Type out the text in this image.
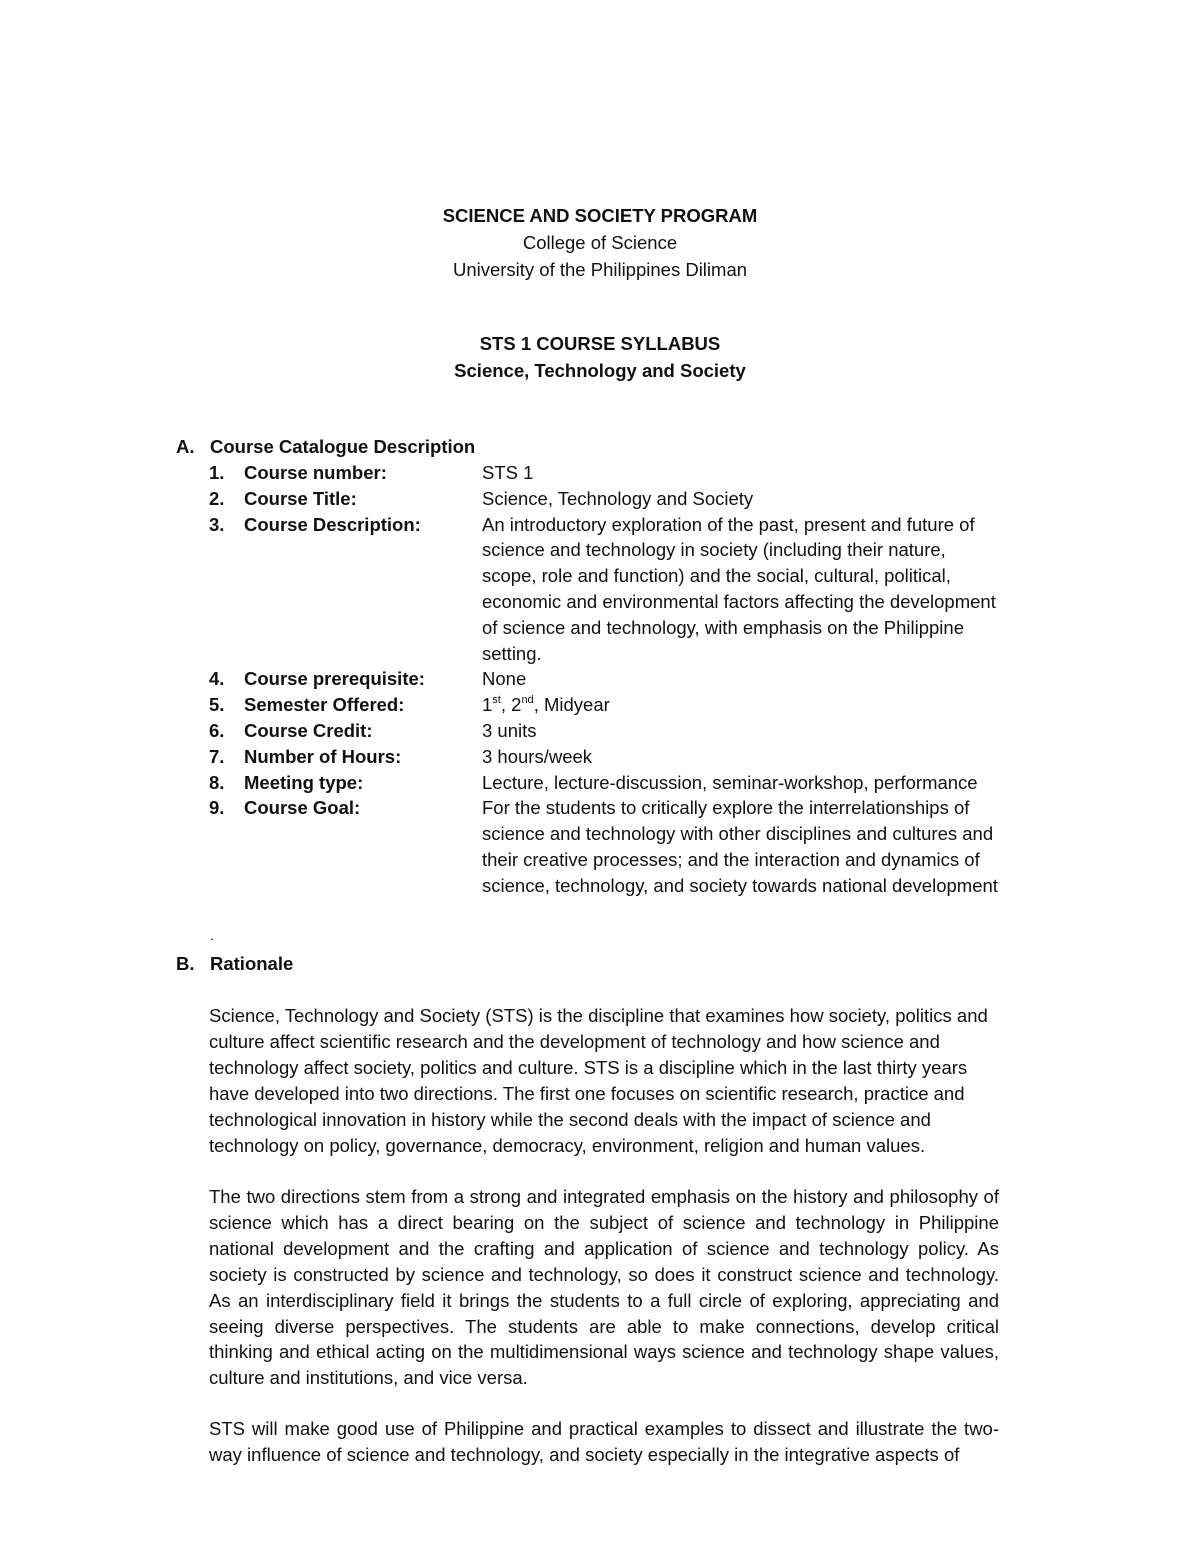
SCIENCE AND SOCIETY PROGRAM
College of Science
University of the Philippines Diliman
STS 1 COURSE SYLLABUS
Science, Technology and Society
A. Course Catalogue Description
1.	Course number:	STS 1
2.	Course Title:	Science, Technology and Society
3.	Course Description:	An introductory exploration of the past, present and future of science and technology in society (including their nature, scope, role and function) and the social, cultural, political, economic and environmental factors affecting the development of science and technology, with emphasis on the Philippine setting.
4.	Course prerequisite:	None
5.	Semester Offered:	1st, 2nd, Midyear
6.	Course Credit:	3 units
7.	Number of Hours:	3 hours/week
8.	Meeting type:	Lecture, lecture-discussion, seminar-workshop, performance
9.	Course Goal:	For the students to critically explore the interrelationships of science and technology with other disciplines and cultures and their creative processes; and the interaction and dynamics of science, technology, and society towards national development
.
B. Rationale

Science, Technology and Society (STS) is the discipline that examines how society, politics and culture affect scientific research and the development of technology and how science and technology affect society, politics and culture. STS is a discipline which in the last thirty years have developed into two directions. The first one focuses on scientific research, practice and technological innovation in history while the second deals with the impact of science and technology on policy, governance, democracy, environment, religion and human values.

The two directions stem from a strong and integrated emphasis on the history and philosophy of science which has a direct bearing on the subject of science and technology in Philippine national development and the crafting and application of science and technology policy. As society is constructed by science and technology, so does it construct science and technology. As an interdisciplinary field it brings the students to a full circle of exploring, appreciating and seeing diverse perspectives. The students are able to make connections, develop critical thinking and ethical acting on the multidimensional ways science and technology shape values, culture and institutions, and vice versa.

STS will make good use of Philippine and practical examples to dissect and illustrate the two-way influence of science and technology, and society especially in the integrative aspects of
